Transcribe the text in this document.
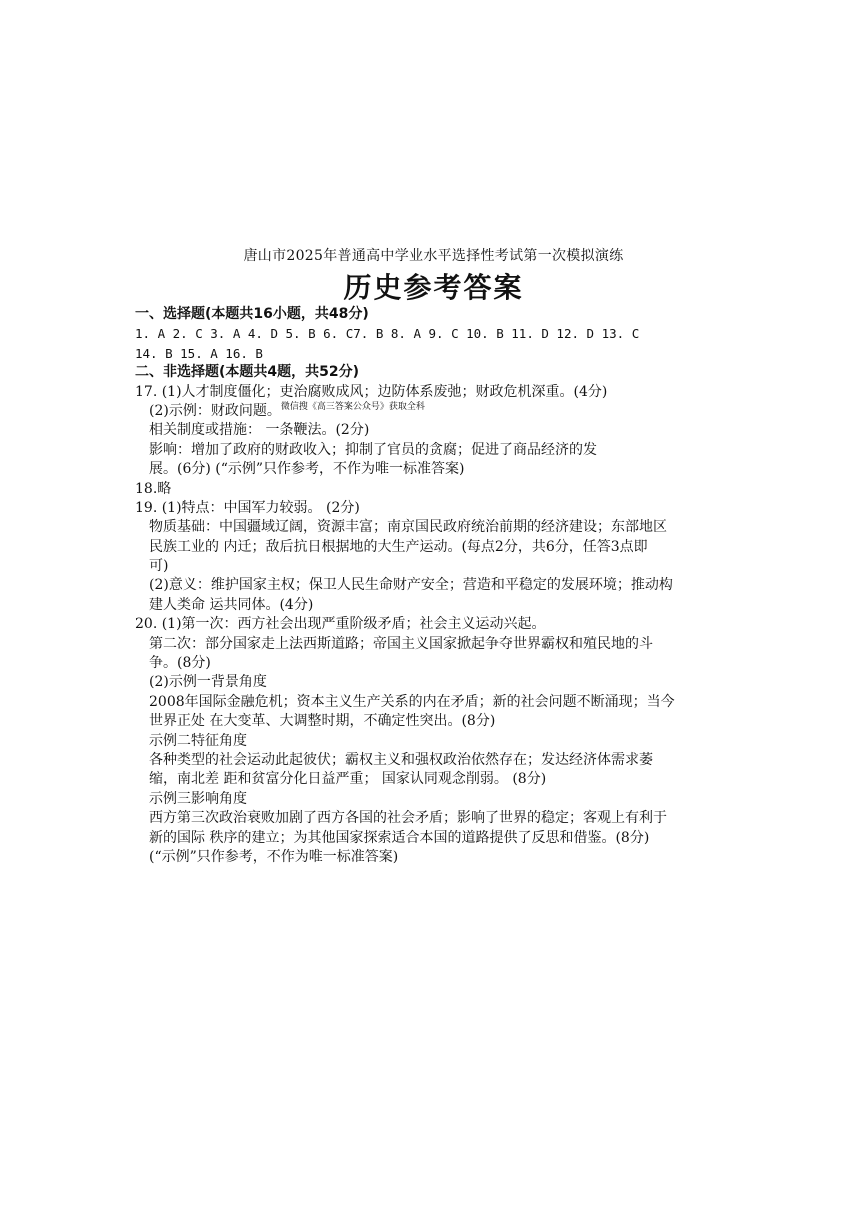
唐山市2025年普通高中学业水平选择性考试第一次模拟演练
历史参考答案
一、选择题(本题共16小题，共48分)
1. A 2. C 3. A 4. D 5. B 6. C7. B 8. A 9. C 10. B 11. D 12. D 13. C
14. B 15. A 16. B
二、非选择题(本题共4题，共52分)
17. (1)人才制度僵化；吏治腐败成风；边防体系废弛；财政危机深重。(4分)
(2)示例：财政问题。$^{微信搜《高三答案公众号》获取全科}$
相关制度或措施： 一条鞭法。(2分)
影响：增加了政府的财政收入；抑制了官员的贪腐；促进了商品经济的发
展。(6分) (“示例”只作参考，不作为唯一标准答案)
18.略
19. (1)特点：中国军力较弱。 (2分)
物质基础：中国疆域辽阔，资源丰富；南京国民政府统治前期的经济建设；东部地区
民族工业的 内迁；敌后抗日根据地的大生产运动。(每点2分，共6分，任答3点即
可)
(2)意义：维护国家主权；保卫人民生命财产安全；营造和平稳定的发展环境；推动构
建人类命 运共同体。(4分)
20. (1)第一次：西方社会出现严重阶级矛盾；社会主义运动兴起。
第二次：部分国家走上法西斯道路；帝国主义国家掀起争夺世界霸权和殖民地的斗
争。(8分)
(2)示例一背景角度
2008年国际金融危机；资本主义生产关系的内在矛盾；新的社会问题不断涌现；当今
世界正处 在大变革、大调整时期，不确定性突出。(8分)
示例二特征角度
各种类型的社会运动此起彼伏；霸权主义和强权政治依然存在；发达经济体需求萎
缩，南北差 距和贫富分化日益严重； 国家认同观念削弱。 (8分)
示例三影响角度
西方第三次政治衰败加剧了西方各国的社会矛盾；影响了世界的稳定；客观上有利于
新的国际 秩序的建立；为其他国家探索适合本国的道路提供了反思和借鉴。(8分)
(“示例”只作参考，不作为唯一标准答案)
